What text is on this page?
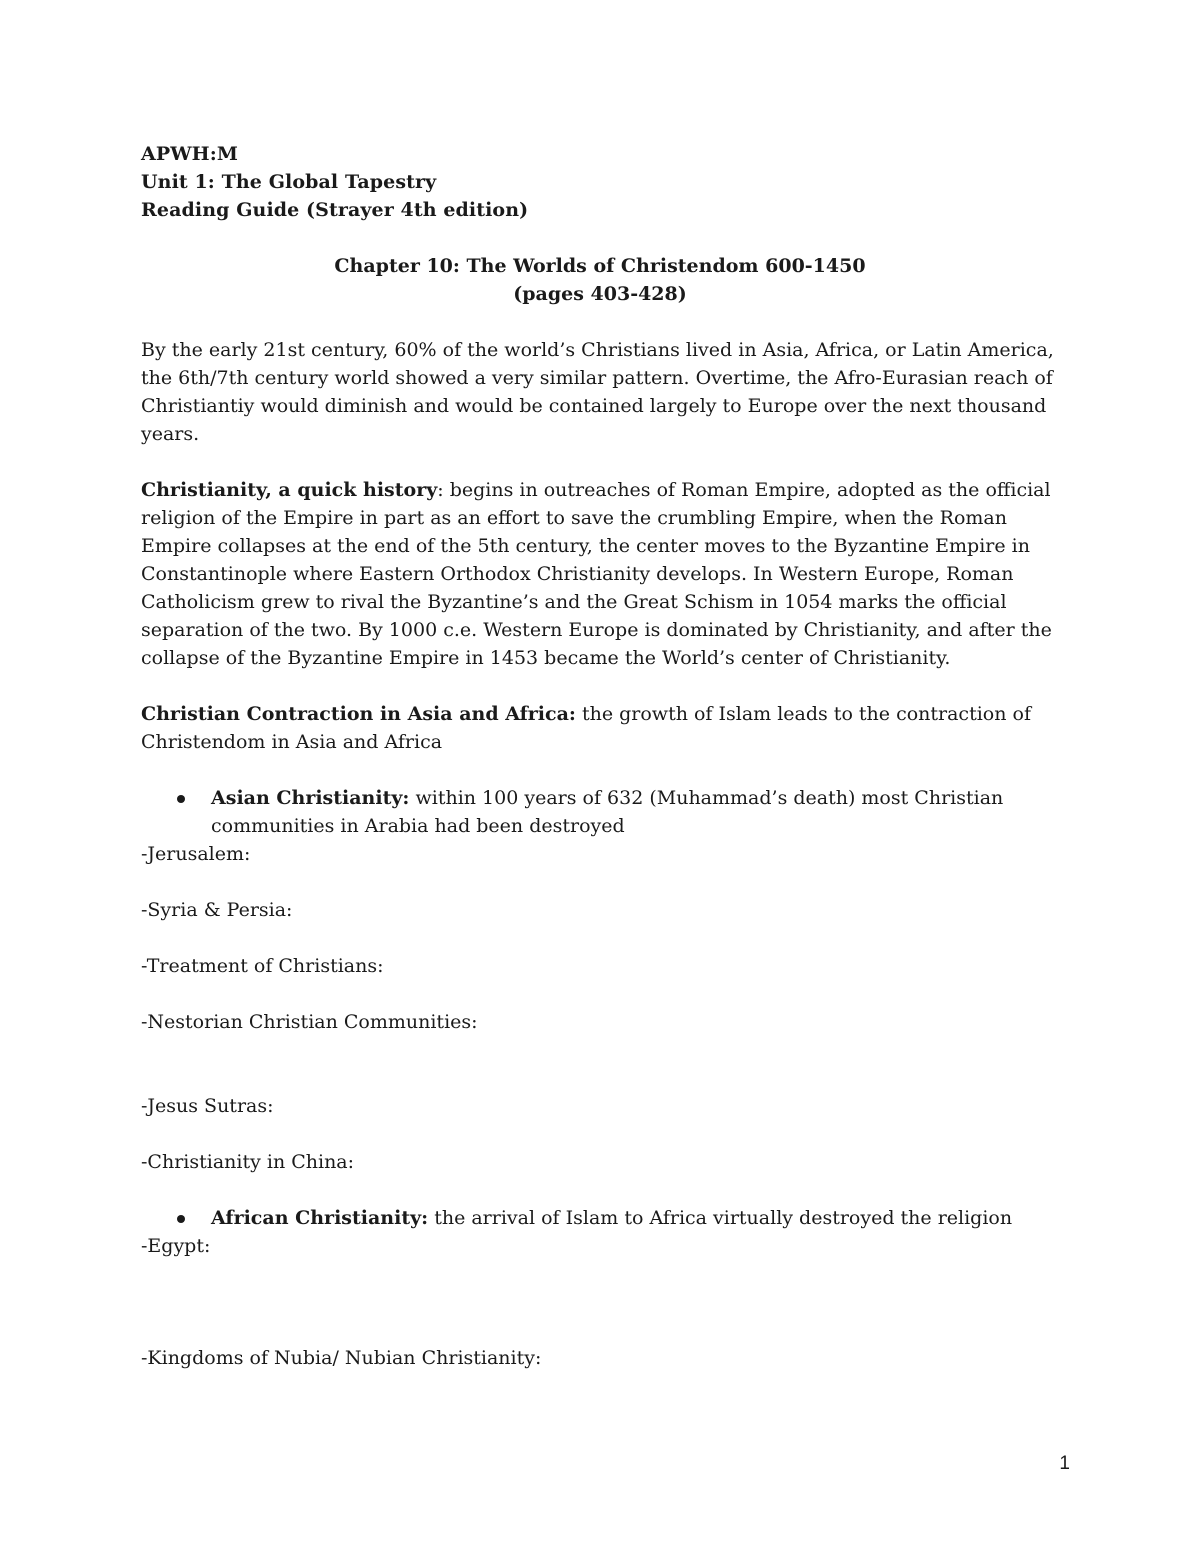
APWH:M

Unit 1: The Global Tapestry

Reading Guide (Strayer 4th edition)

Chapter 10: The Worlds of Christendom 600-1450
(pages 403-428)

By the early 21st century, 60% of the world’s Christians lived in Asia, Africa, or Latin America, the 6th/7th century world showed a very similar pattern. Overtime, the Afro-Eurasian reach of Christiantiy would diminish and would be contained largely to Europe over the next thousand years.

Christianity, a quick history: begins in outreaches of Roman Empire, adopted as the official religion of the Empire in part as an effort to save the crumbling Empire, when the Roman Empire collapses at the end of the 5th century, the center moves to the Byzantine Empire in Constantinople where Eastern Orthodox Christianity develops. In Western Europe, Roman Catholicism grew to rival the Byzantine’s and the Great Schism in 1054 marks the official separation of the two. By 1000 c.e. Western Europe is dominated by Christianity, and after the collapse of the Byzantine Empire in 1453 became the World’s center of Christianity.

Christian Contraction in Asia and Africa: the growth of Islam leads to the contraction of Christendom in Asia and Africa

Asian Christianity: within 100 years of 632 (Muhammad’s death) most Christian communities in Arabia had been destroyed

-Jerusalem:

-Syria & Persia:

-Treatment of Christians:

-Nestorian Christian Communities:

-Jesus Sutras:

-Christianity in China:

African Christianity: the arrival of Islam to Africa virtually destroyed the religion

-Egypt:

-Kingdoms of Nubia/ Nubian Christianity:

1
